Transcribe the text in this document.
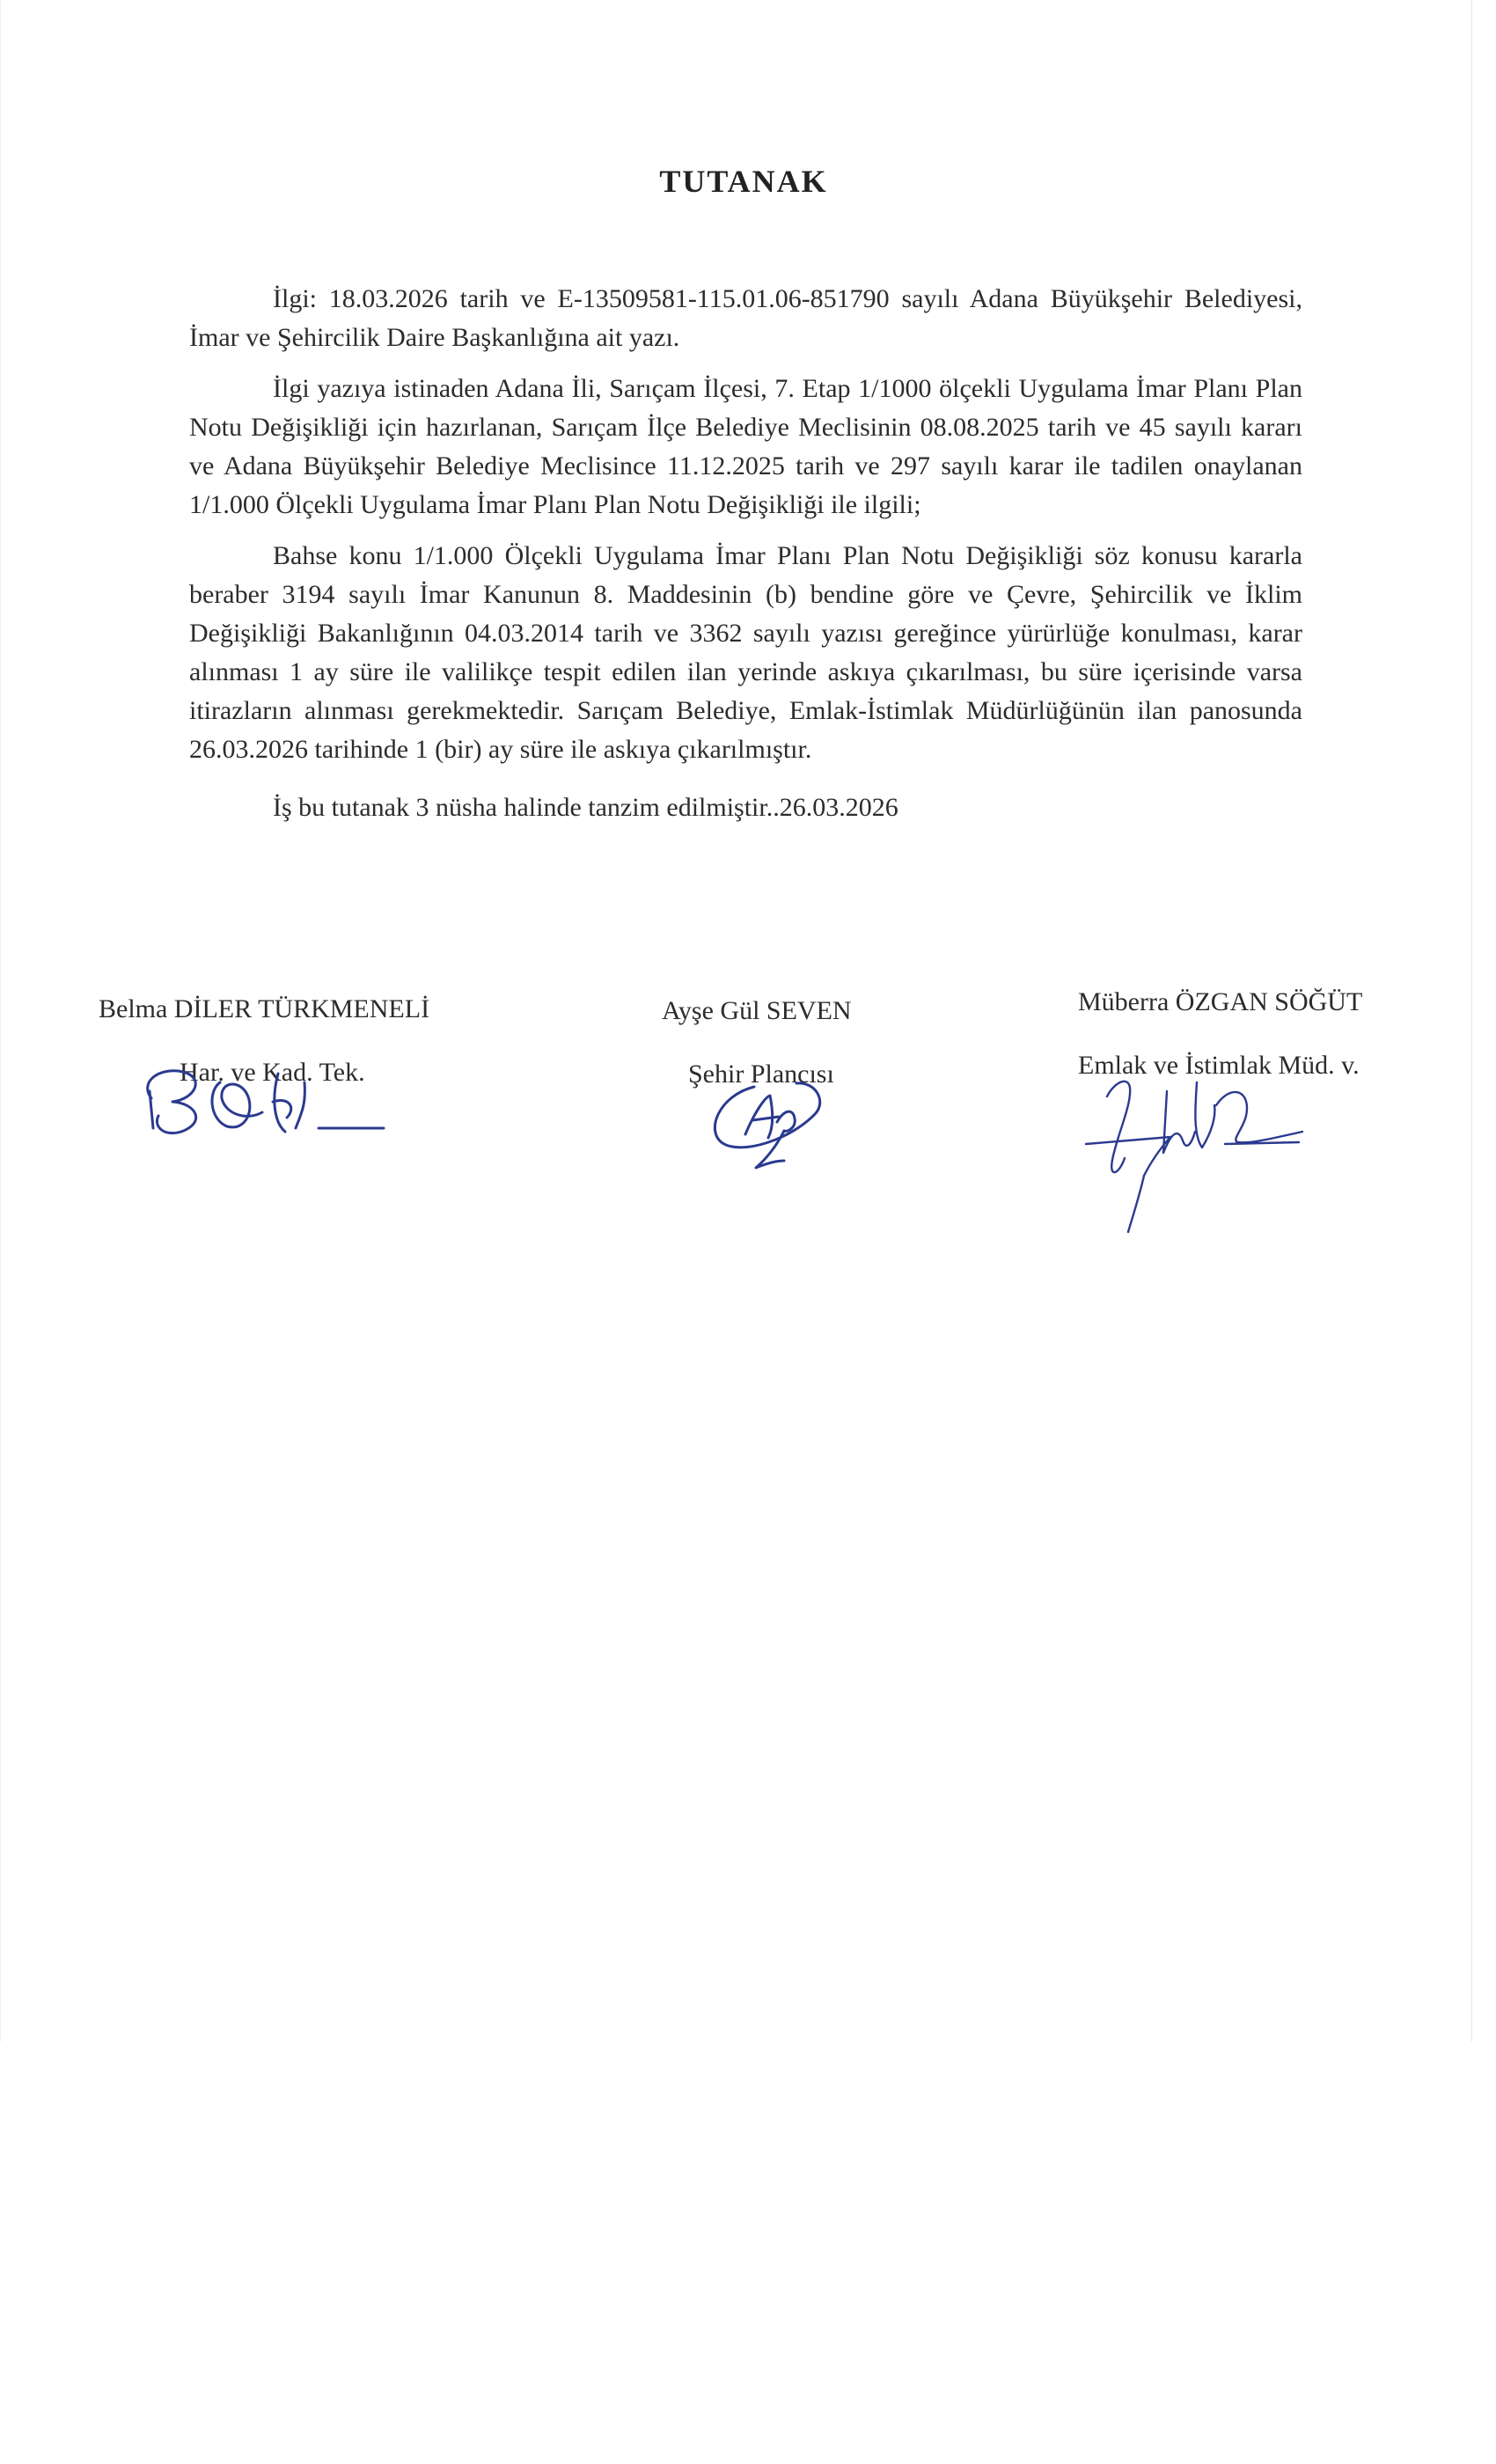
TUTANAK

İlgi: 18.03.2026 tarih ve E-13509581-115.01.06-851790 sayılı Adana Büyükşehir Belediyesi, İmar ve Şehircilik Daire Başkanlığına ait yazı.

İlgi yazıya istinaden Adana İli, Sarıçam İlçesi, 7. Etap 1/1000 ölçekli Uygulama İmar Planı Plan Notu Değişikliği için hazırlanan, Sarıçam İlçe Belediye Meclisinin 08.08.2025 tarih ve 45 sayılı kararı ve Adana Büyükşehir Belediye Meclisince 11.12.2025 tarih ve 297 sayılı karar ile tadilen onaylanan 1/1.000 Ölçekli Uygulama İmar Planı Plan Notu Değişikliği ile ilgili;

Bahse konu 1/1.000 Ölçekli Uygulama İmar Planı Plan Notu Değişikliği söz konusu kararla beraber 3194 sayılı İmar Kanunun 8. Maddesinin (b) bendine göre ve Çevre, Şehircilik ve İklim Değişikliği Bakanlığının 04.03.2014 tarih ve 3362 sayılı yazısı gereğince yürürlüğe konulması, karar alınması 1 ay süre ile valilikçe tespit edilen ilan yerinde askıya çıkarılması, bu süre içerisinde varsa itirazların alınması gerekmektedir. Sarıçam Belediye, Emlak-İstimlak Müdürlüğünün ilan panosunda 26.03.2026 tarihinde 1 (bir) ay süre ile askıya çıkarılmıştır.

İş bu tutanak 3 nüsha halinde tanzim edilmiştir..26.03.2026

Belma DİLER TÜRKMENELİ
Har. ve Kad. Tek.
Ayşe Gül SEVEN
Şehir Plancısı
Müberra ÖZGAN SÖĞÜT
Emlak ve İstimlak Müd. v.
